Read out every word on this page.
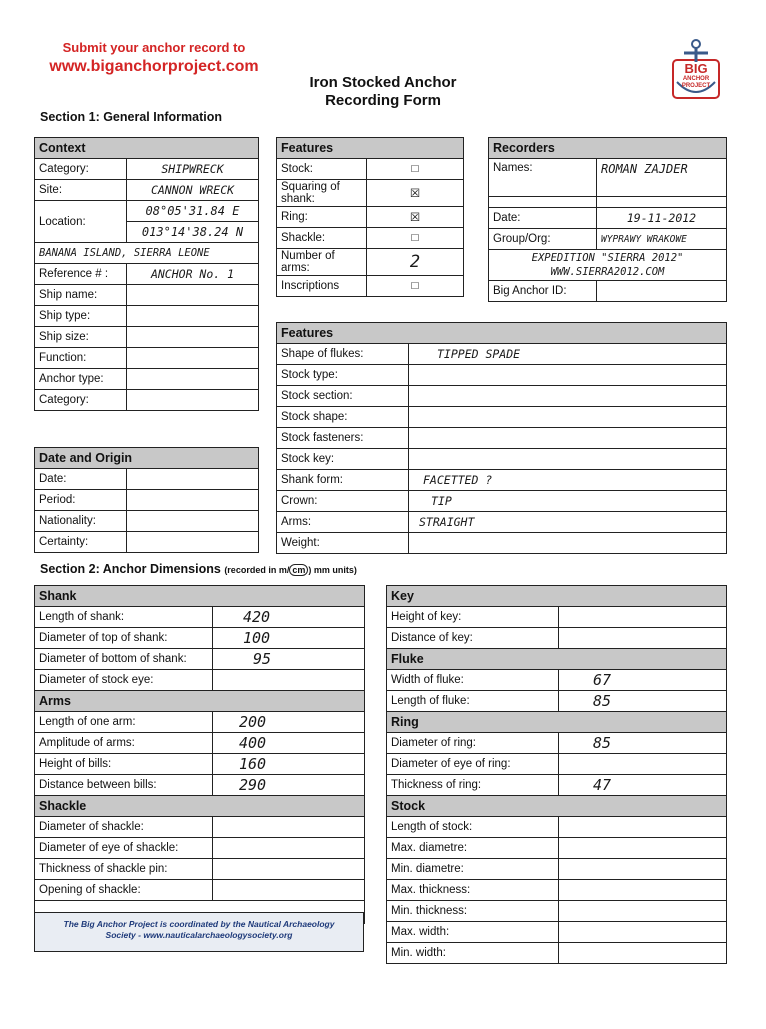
Submit your anchor record to
www.biganchorproject.com
Iron Stocked Anchor
Recording Form
BIG
ANCHOR
PROJECT
Section 1: General Information
Context	
Category:	SHIPWRECK
Site:	CANNON WRECK
Location:	08°05'31.84 E
	013°14'38.24 N
BANANA ISLAND, SIERRA LEONE	
Reference # :	ANCHOR No. 1
Ship name:	
Ship type:	
Ship size:	
Function:	
Anchor type:	
Category:	
Features	
Stock:	□
Squaring of shank:	☒
Ring:	☒
Shackle:	□
Number of arms:	2
Inscriptions	□
Recorders	
Names:	ROMAN ZAJDER

Date:	19-11-2012
Group/Org:	WYPRAWY WRAKOWE
EXPEDITION "SIERRA 2012"
WWW.SIERRA2012.COM	
Big Anchor ID:	
Features	
Shape of flukes:	TIPPED SPADE
Stock type:	
Stock section:	
Stock shape:	
Stock fasteners:	
Stock key:	
Shank form:	FACETTED ?
Crown:	TIP
Arms:	STRAIGHT
Weight:	
Date and Origin	
Date:	
Period:	
Nationality:	
Certainty:	
Section 2: Anchor Dimensions (recorded in m/ cm ) mm units)
Shank	
Length of shank:	420
Diameter of top of shank:	100
Diameter of bottom of shank:	95
Diameter of stock eye:	
Arms	
Length of one arm:	200
Amplitude of arms:	400
Height of bills:	160
Distance between bills:	290
Shackle	
Diameter of shackle:	
Diameter of eye of shackle:	
Thickness of shackle pin:	
Opening of shackle:	

The Big Anchor Project is coordinated by the Nautical Archaeology
Society - www.nauticalarchaeologysociety.org
Key	
Height of key:	
Distance of key:	
Fluke	
Width of fluke:	67
Length of fluke:	85
Ring	
Diameter of ring:	85
Diameter of eye of ring:	
Thickness of ring:	47
Stock	
Length of stock:	
Max. diametre:	
Min. diametre:	
Max. thickness:	
Min. thickness:	
Max. width:	
Min. width:	
